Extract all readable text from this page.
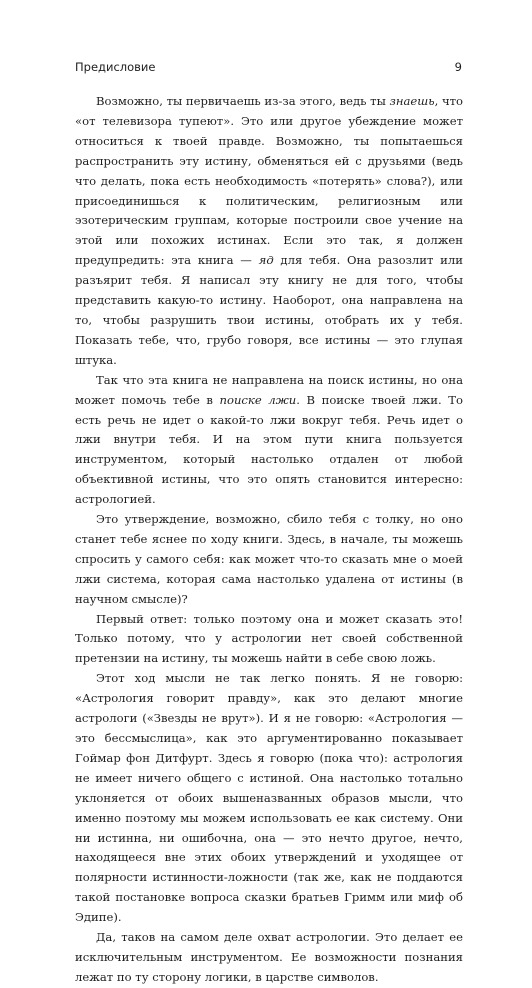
Предисловие	9

Возможно, ты первичаешь из-за этого, ведь ты знаешь, что «от телевизора тупеют». Это или другое убеждение может относиться к твоей правде. Возможно, ты попытаешься распространить эту истину, обменяться ей с друзьями (ведь что делать, пока есть необходимость «потерять» слова?), или присоединишься к политическим, религиозным или эзотерическим группам, которые построили свое учение на этой или похожих истинах. Если это так, я должен предупредить: эта книга — яд для тебя. Она разозлит или разъярит тебя. Я написал эту книгу не для того, чтобы представить какую-то истину. Наоборот, она направлена на то, чтобы разрушить твои истины, отобрать их у тебя. Показать тебе, что, грубо говоря, все истины — это глупая штука.

Так что эта книга не направлена на поиск истины, но она может помочь тебе в поиске лжи. В поиске твоей лжи. То есть речь не идет о какой-то лжи вокруг тебя. Речь идет о лжи внутри тебя. И на этом пути книга пользуется инструментом, который настолько отдален от любой объективной истины, что это опять становится интересно: астрологией.

Это утверждение, возможно, сбило тебя с толку, но оно станет тебе яснее по ходу книги. Здесь, в начале, ты можешь спросить у самого себя: как может что-то сказать мне о моей лжи система, которая сама настолько удалена от истины (в научном смысле)?

Первый ответ: только поэтому она и может сказать это! Только потому, что у астрологии нет своей собственной претензии на истину, ты можешь найти в себе свою ложь.

Этот ход мысли не так легко понять. Я не говорю: «Астрология говорит правду», как это делают многие астрологи («Звезды не врут»). И я не говорю: «Астрология — это бессмыслица», как это аргументированно показывает Гоймар фон Дитфурт. Здесь я говорю (пока что): астрология не имеет ничего общего с истиной. Она настолько тотально уклоняется от обоих вышеназванных образов мысли, что именно поэтому мы можем использовать ее как систему. Они ни истинна, ни ошибочна, она — это нечто другое, нечто, находящееся вне этих обоих утверждений и уходящее от полярности истинности-ложности (так же, как не поддаются такой постановке вопроса сказки братьев Гримм или миф об Эдипе).

Да, таков на самом деле охват астрологии. Это делает ее исключительным инструментом. Ее возможности познания лежат по ту сторону логики, в царстве символов.
